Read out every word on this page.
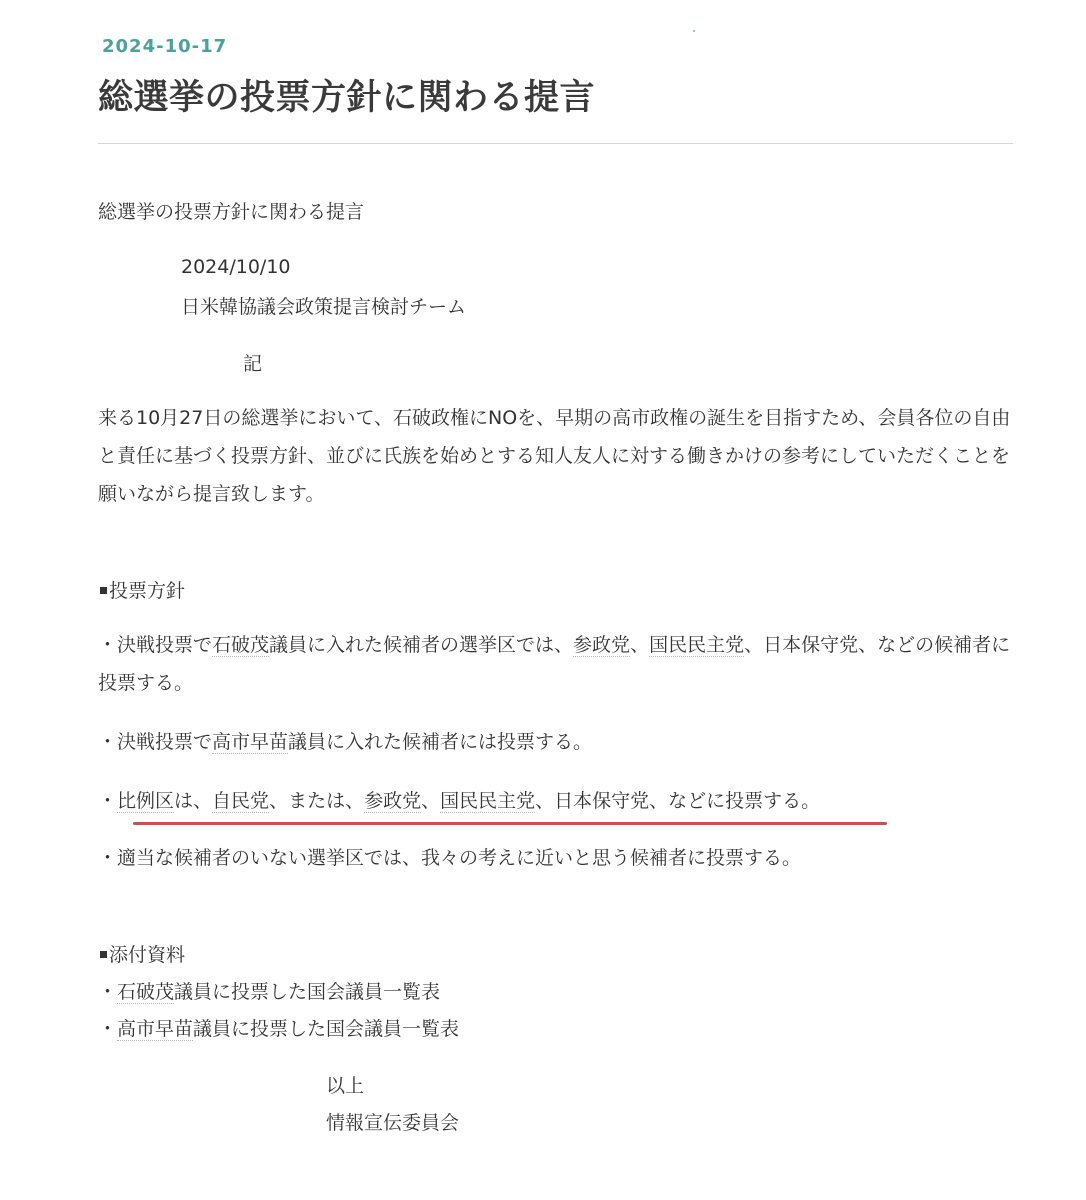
2024-10-17
総選挙の投票方針に関わる提言
総選挙の投票方針に関わる提言
2024/10/10
日米韓協議会政策提言検討チーム
記
来る10月27日の総選挙において、石破政権にNOを、早期の高市政権の誕生を目指すため、会員各位の自由と責任に基づく投票方針、並びに氏族を始めとする知人友人に対する働きかけの参考にしていただくことを願いながら提言致します。
投票方針
・決戦投票で石破茂議員に入れた候補者の選挙区では、参政党、国民民主党、日本保守党、などの候補者に投票する。
・決戦投票で高市早苗議員に入れた候補者には投票する。
・比例区は、自民党、または、参政党、国民民主党、日本保守党、などに投票する。
・適当な候補者のいない選挙区では、我々の考えに近いと思う候補者に投票する。
添付資料
・石破茂議員に投票した国会議員一覧表
・高市早苗議員に投票した国会議員一覧表
以上
情報宣伝委員会
